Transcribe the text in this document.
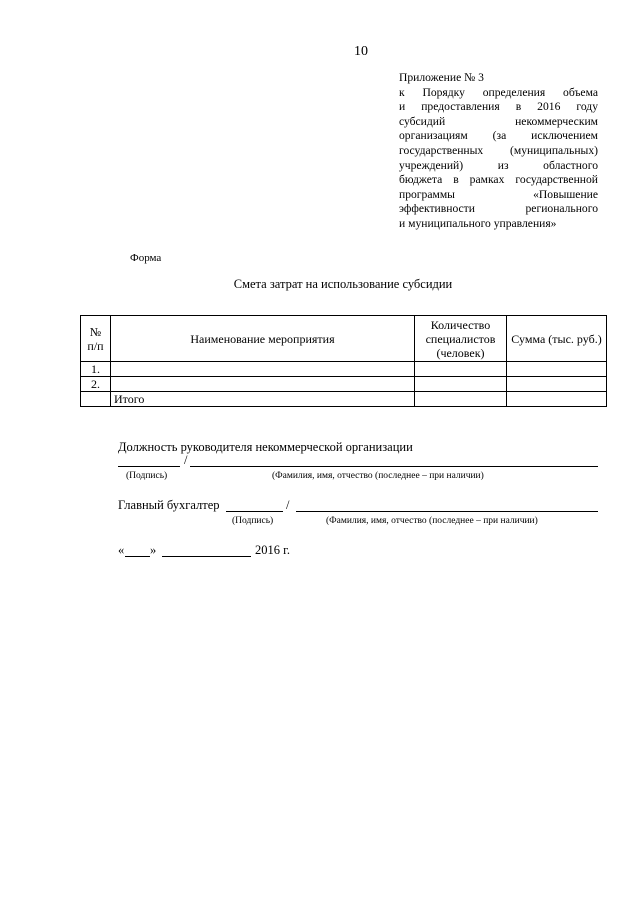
10
Приложение № 3
к Порядку определения объема
и предоставления в 2016 году
субсидий некоммерческим
организациям (за исключением
государственных (муниципальных)
учреждений) из областного
бюджета в рамках государственной
программы «Повышение
эффективности регионального
и муниципального управления»
Форма
Смета затрат на использование субсидии
№ п/п	Наименование мероприятия	Количество специалистов (человек)	Сумма (тыс. руб.)
1.			
2.			
	Итого		
Должность руководителя некоммерческой организации
/
(Подпись)	(Фамилия, имя, отчество (последнее – при наличии)
Главный бухгалтер	/
(Подпись)	(Фамилия, имя, отчество (последнее – при наличии)
« »	2016 г.
